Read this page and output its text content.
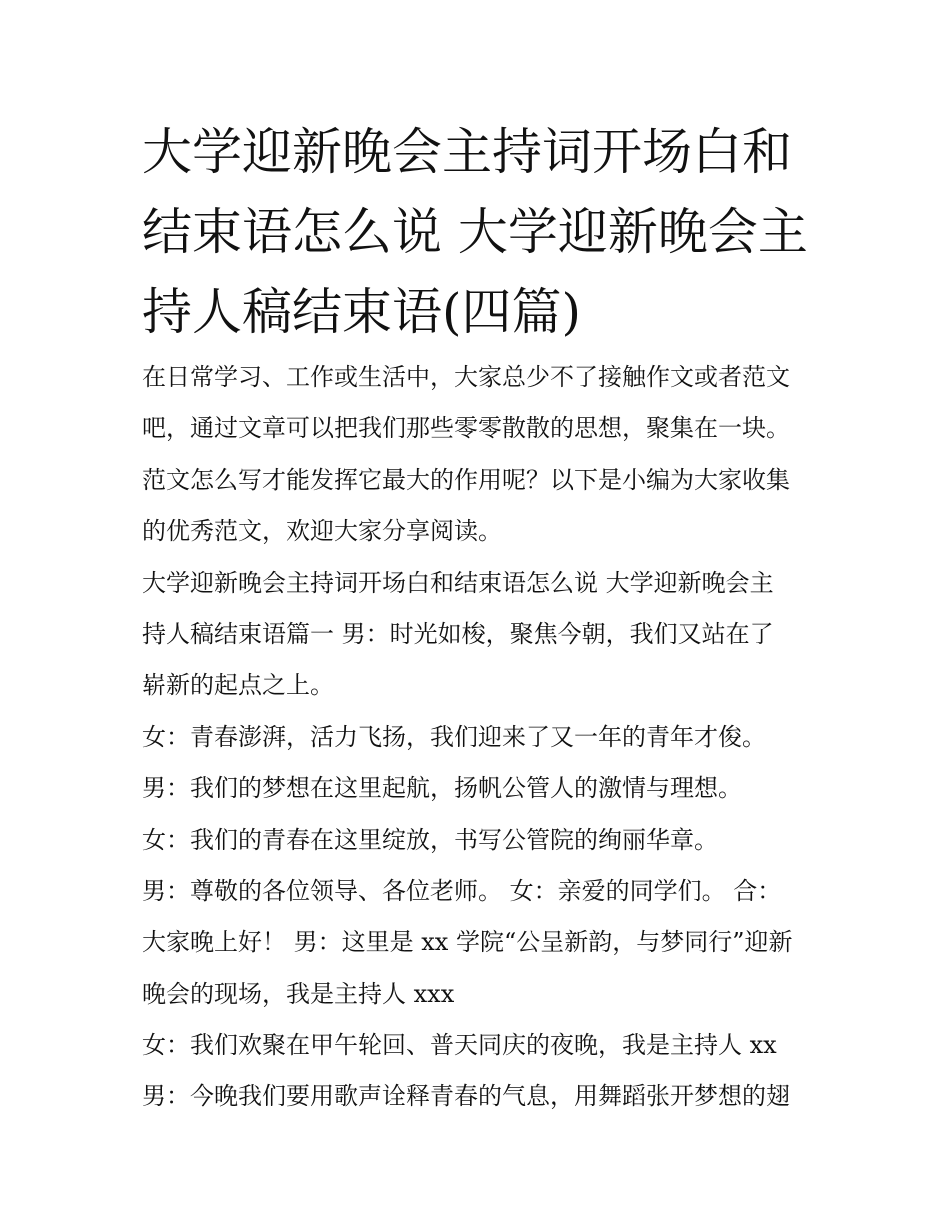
大学迎新晚会主持词开场白和
结束语怎么说 大学迎新晚会主
持人稿结束语(四篇)
在日常学习、工作或生活中，大家总少不了接触作文或者范文
吧，通过文章可以把我们那些零零散散的思想，聚集在一块。
范文怎么写才能发挥它最大的作用呢？以下是小编为大家收集
的优秀范文，欢迎大家分享阅读。
大学迎新晚会主持词开场白和结束语怎么说 大学迎新晚会主
持人稿结束语篇一 男：时光如梭，聚焦今朝，我们又站在了
崭新的起点之上。
女：青春澎湃，活力飞扬，我们迎来了又一年的青年才俊。
男：我们的梦想在这里起航，扬帆公管人的激情与理想。
女：我们的青春在这里绽放，书写公管院的绚丽华章。
男：尊敬的各位领导、各位老师。 女：亲爱的同学们。 合：
大家晚上好！ 男：这里是 xx 学院“公呈新韵，与梦同行”迎新
晚会的现场，我是主持人 xxx
女：我们欢聚在甲午轮回、普天同庆的夜晚，我是主持人 xx
男：今晚我们要用歌声诠释青春的气息，用舞蹈张开梦想的翅
